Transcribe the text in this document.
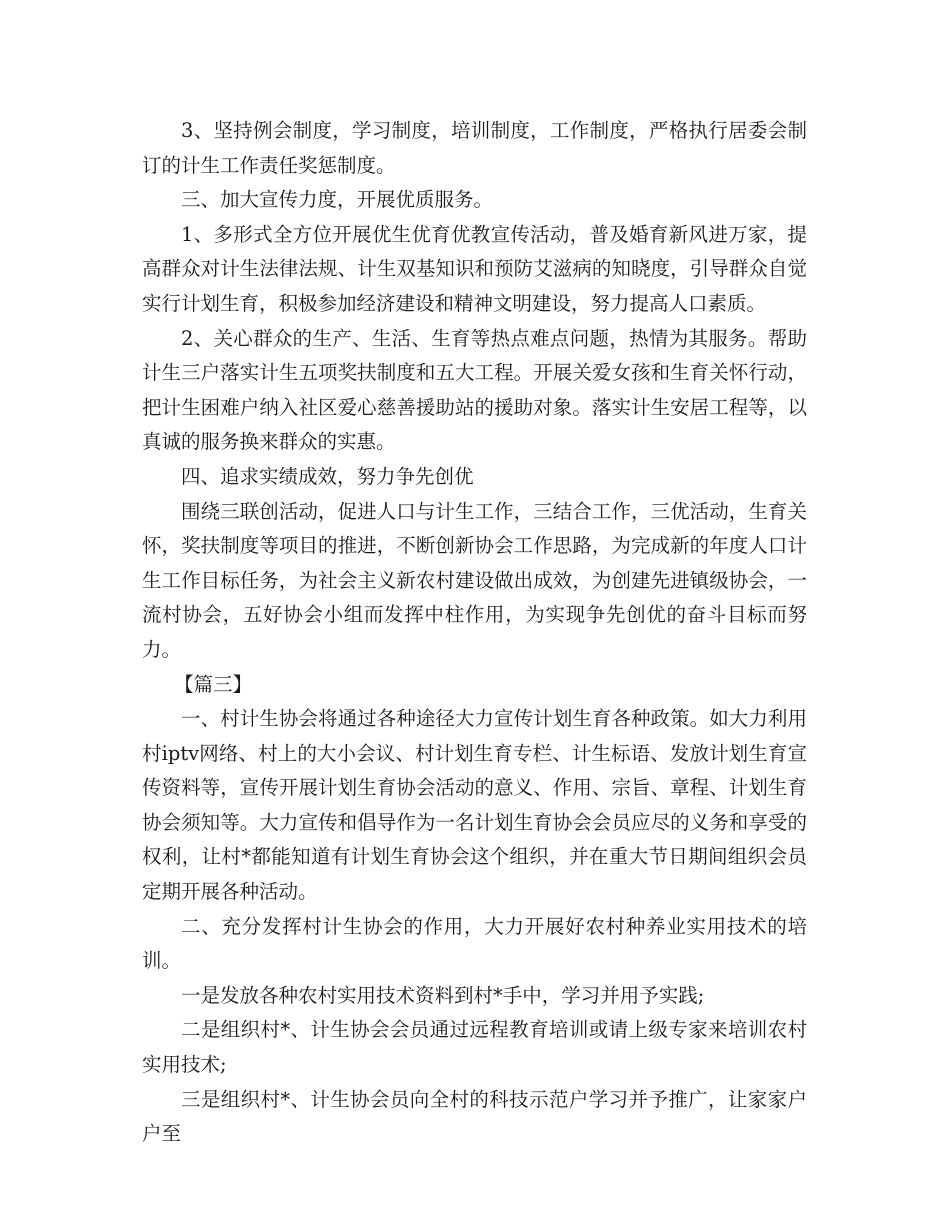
3、坚持例会制度，学习制度，培训制度，工作制度，严格执行居委会制订的计生工作责任奖惩制度。

三、加大宣传力度，开展优质服务。

1、多形式全方位开展优生优育优教宣传活动，普及婚育新风进万家，提高群众对计生法律法规、计生双基知识和预防艾滋病的知晓度，引导群众自觉实行计划生育，积极参加经济建设和精神文明建设，努力提高人口素质。

2、关心群众的生产、生活、生育等热点难点问题，热情为其服务。帮助计生三户落实计生五项奖扶制度和五大工程。开展关爱女孩和生育关怀行动，把计生困难户纳入社区爱心慈善援助站的援助对象。落实计生安居工程等，以真诚的服务换来群众的实惠。

四、追求实绩成效，努力争先创优

围绕三联创活动，促进人口与计生工作，三结合工作，三优活动，生育关怀，奖扶制度等项目的推进，不断创新协会工作思路，为完成新的年度人口计生工作目标任务，为社会主义新农村建设做出成效，为创建先进镇级协会，一流村协会，五好协会小组而发挥中柱作用，为实现争先创优的奋斗目标而努力。

【篇三】

一、村计生协会将通过各种途径大力宣传计划生育各种政策。如大力利用村iptv网络、村上的大小会议、村计划生育专栏、计生标语、发放计划生育宣传资料等，宣传开展计划生育协会活动的意义、作用、宗旨、章程、计划生育协会须知等。大力宣传和倡导作为一名计划生育协会会员应尽的义务和享受的权利，让村*都能知道有计划生育协会这个组织，并在重大节日期间组织会员定期开展各种活动。

二、充分发挥村计生协会的作用，大力开展好农村种养业实用技术的培训。

一是发放各种农村实用技术资料到村*手中，学习并用予实践;

二是组织村*、计生协会会员通过远程教育培训或请上级专家来培训农村实用技术;

三是组织村*、计生协会员向全村的科技示范户学习并予推广，让家家户户至
